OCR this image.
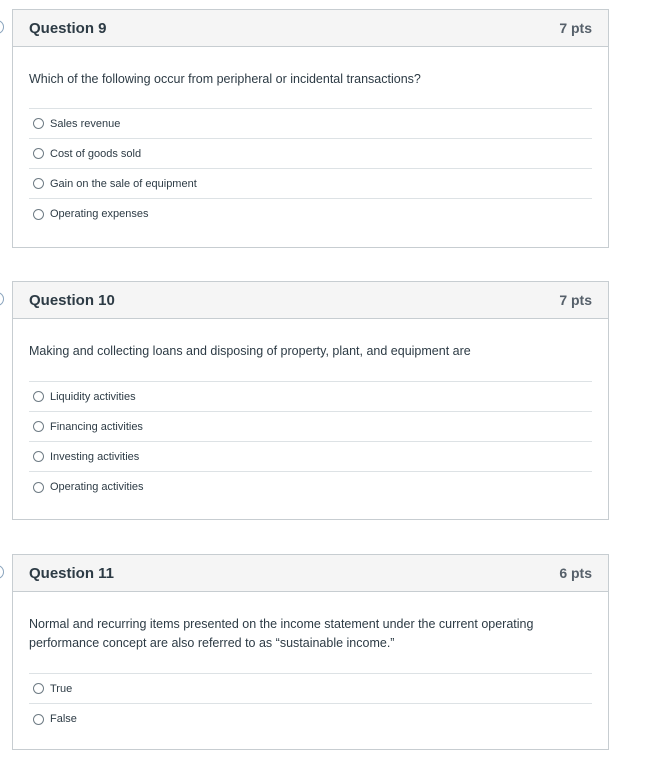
Question 9	7 pts
Which of the following occur from peripheral or incidental transactions?
Sales revenue
Cost of goods sold
Gain on the sale of equipment
Operating expenses
Question 10	7 pts
Making and collecting loans and disposing of property, plant, and equipment are
Liquidity activities
Financing activities
Investing activities
Operating activities
Question 11	6 pts
Normal and recurring items presented on the income statement under the current operating performance concept are also referred to as “sustainable income.”
True
False
